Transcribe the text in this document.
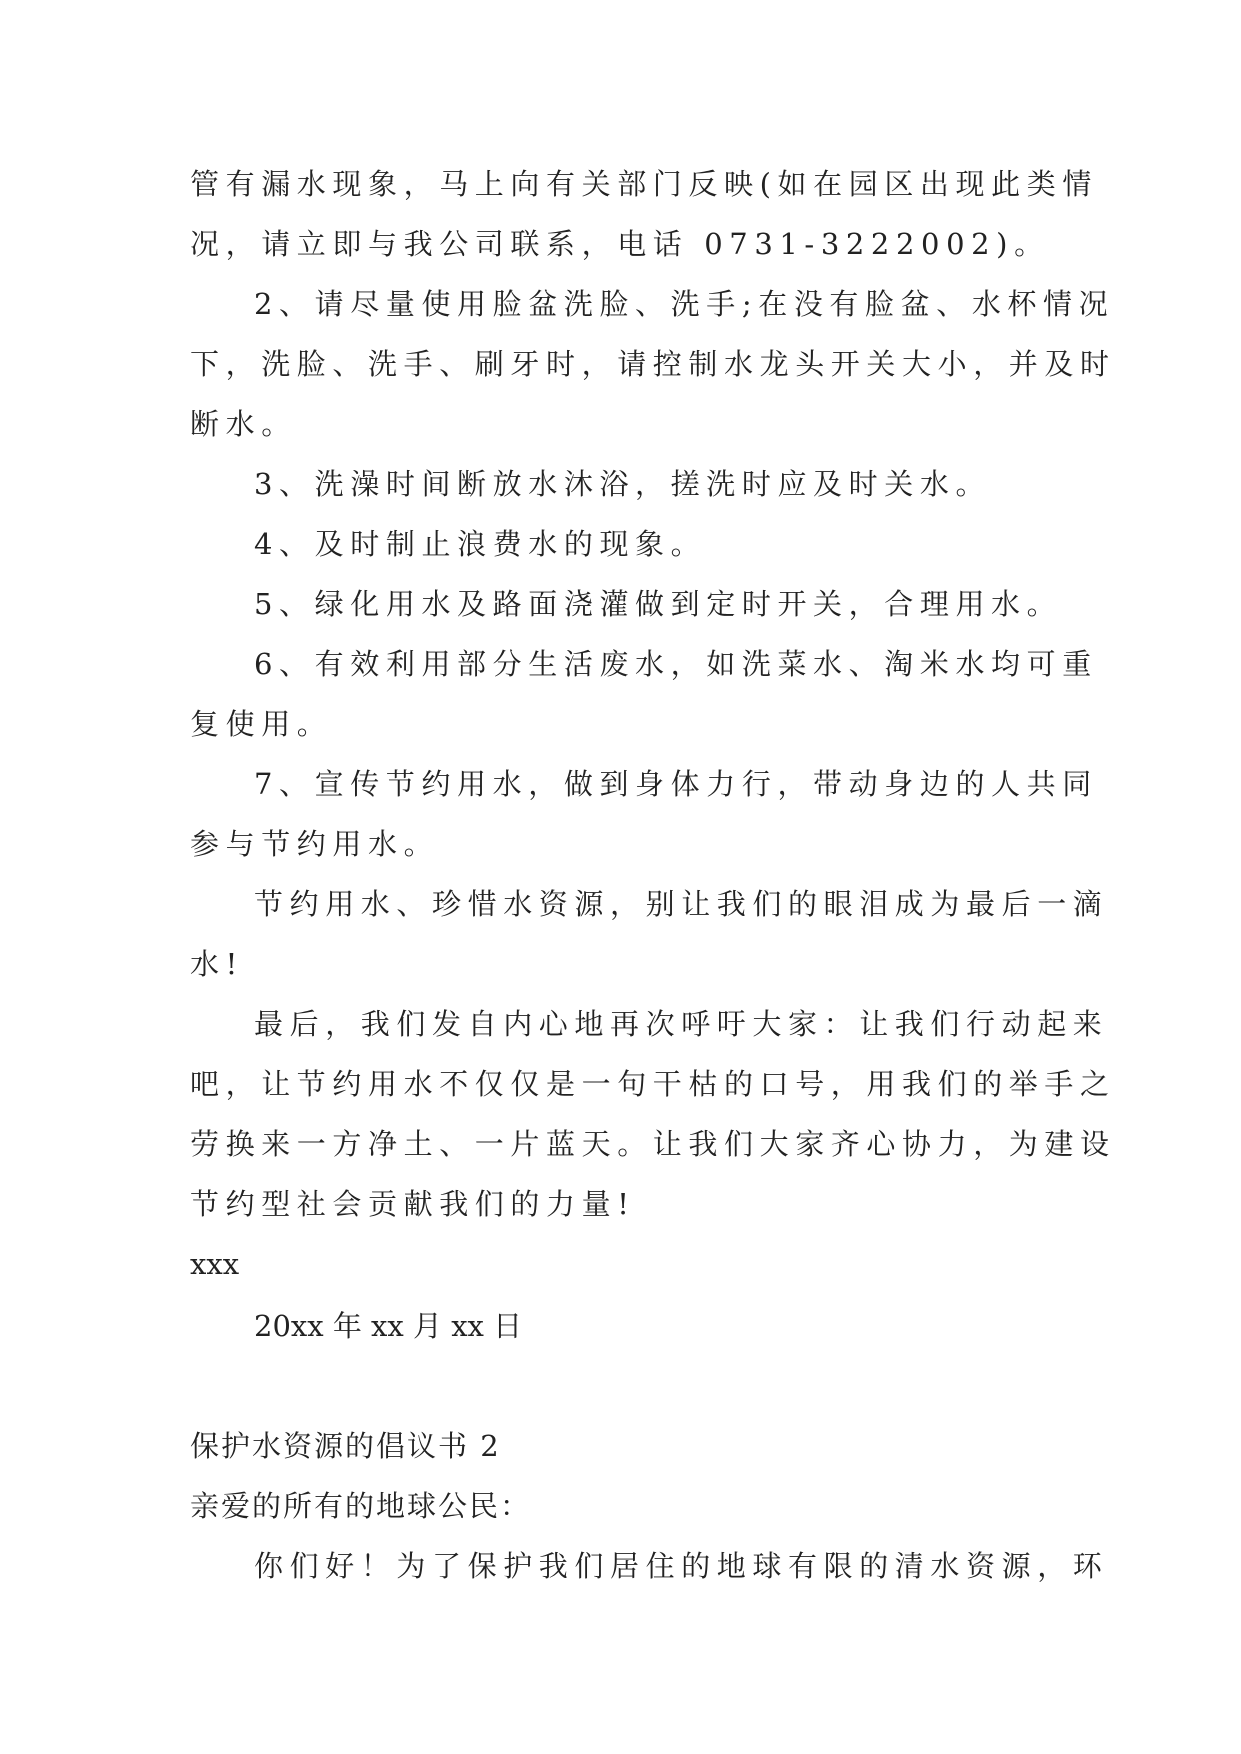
管有漏水现象，马上向有关部门反映(如在园区出现此类情

况，请立即与我公司联系，电话 0731-3222002)。

2、请尽量使用脸盆洗脸、洗手;在没有脸盆、水杯情况

下，洗脸、洗手、刷牙时，请控制水龙头开关大小，并及时

断水。

3、洗澡时间断放水沐浴，搓洗时应及时关水。

4、及时制止浪费水的现象。

5、绿化用水及路面浇灌做到定时开关，合理用水。

6、有效利用部分生活废水，如洗菜水、淘米水均可重

复使用。

7、宣传节约用水，做到身体力行，带动身边的人共同

参与节约用水。

节约用水、珍惜水资源，别让我们的眼泪成为最后一滴

水!

最后，我们发自内心地再次呼吁大家：让我们行动起来

吧，让节约用水不仅仅是一句干枯的口号，用我们的举手之

劳换来一方净土、一片蓝天。让我们大家齐心协力，为建设

节约型社会贡献我们的力量!

xxx

20xx 年 xx 月 xx 日

保护水资源的倡议书 2

亲爱的所有的地球公民：

你们好！为了保护我们居住的地球有限的清水资源，环
